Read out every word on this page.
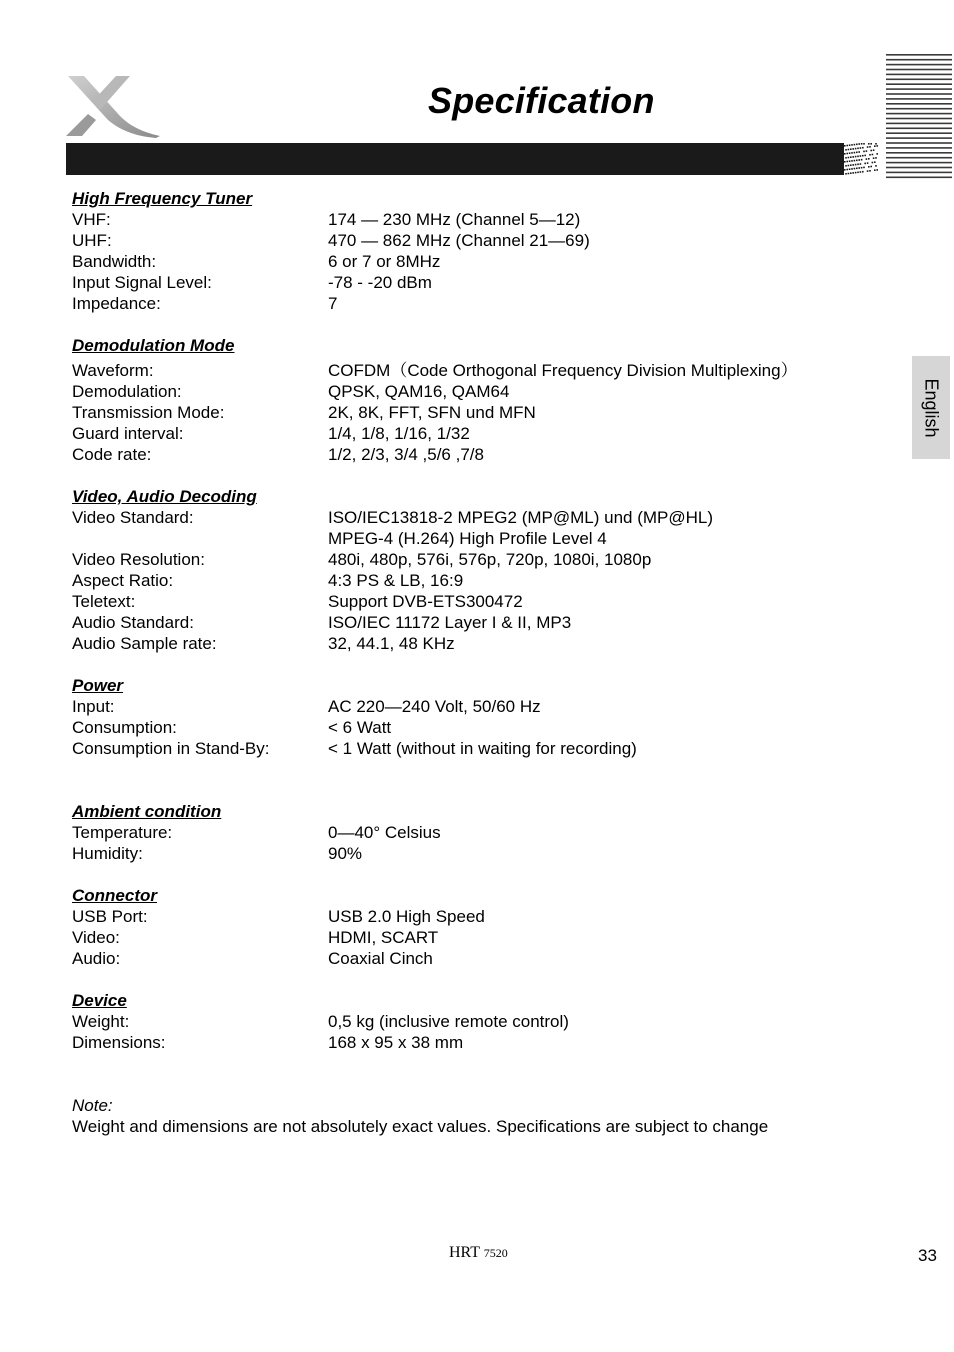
Specification
English
High Frequency Tuner
VHF:	174 — 230 MHz (Channel 5—12)
UHF:	470 — 862 MHz (Channel 21—69)
Bandwidth:	6 or 7 or 8MHz
Input Signal Level:	-78 - -20 dBm
Impedance:	7
Demodulation Mode
Waveform:	COFDM（Code Orthogonal Frequency Division Multiplexing）
Demodulation:	QPSK, QAM16, QAM64
Transmission Mode:	2K, 8K, FFT, SFN und MFN
Guard interval:	1/4, 1/8, 1/16, 1/32
Code rate:	1/2, 2/3, 3/4 ,5/6 ,7/8
Video, Audio Decoding
Video Standard:	ISO/IEC13818-2 MPEG2 (MP@ML) und (MP@HL)
MPEG-4 (H.264) High Profile Level 4
Video Resolution:	480i, 480p, 576i, 576p, 720p, 1080i, 1080p
Aspect Ratio:	4:3 PS & LB, 16:9
Teletext:	Support DVB-ETS300472
Audio Standard:	ISO/IEC 11172 Layer I & II, MP3
Audio Sample rate:	32, 44.1, 48 KHz
Power
Input:	AC 220—240 Volt, 50/60 Hz
Consumption:	< 6 Watt
Consumption in Stand-By:	< 1 Watt (without in waiting for recording)
Ambient condition
Temperature:	0—40° Celsius
Humidity:	90%
Connector
USB Port:	USB 2.0 High Speed
Video:	HDMI, SCART
Audio:	Coaxial Cinch
Device
Weight:	0,5 kg (inclusive remote control)
Dimensions:	168 x 95 x 38 mm
Note:
Weight and dimensions are not absolutely exact values. Specifications are subject to change
HRT 7520	33
